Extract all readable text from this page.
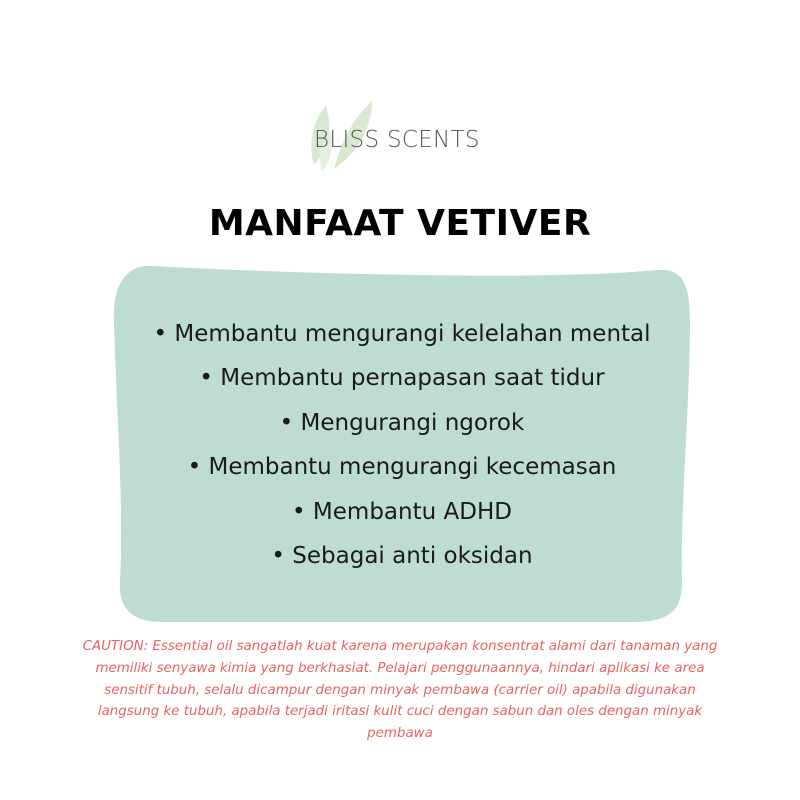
BLISS SCENTS
MANFAAT VETIVER
• Membantu mengurangi kelelahan mental
• Membantu pernapasan saat tidur
• Mengurangi ngorok
• Membantu mengurangi kecemasan
• Membantu ADHD
• Sebagai anti oksidan
CAUTION: Essential oil sangatlah kuat karena merupakan konsentrat alami dari tanaman yang memiliki senyawa kimia yang berkhasiat. Pelajari penggunaannya, hindari aplikasi ke area sensitif tubuh, selalu dicampur dengan minyak pembawa (carrier oil) apabila digunakan langsung ke tubuh, apabila terjadi iritasi kulit cuci dengan sabun dan oles dengan minyak pembawa
